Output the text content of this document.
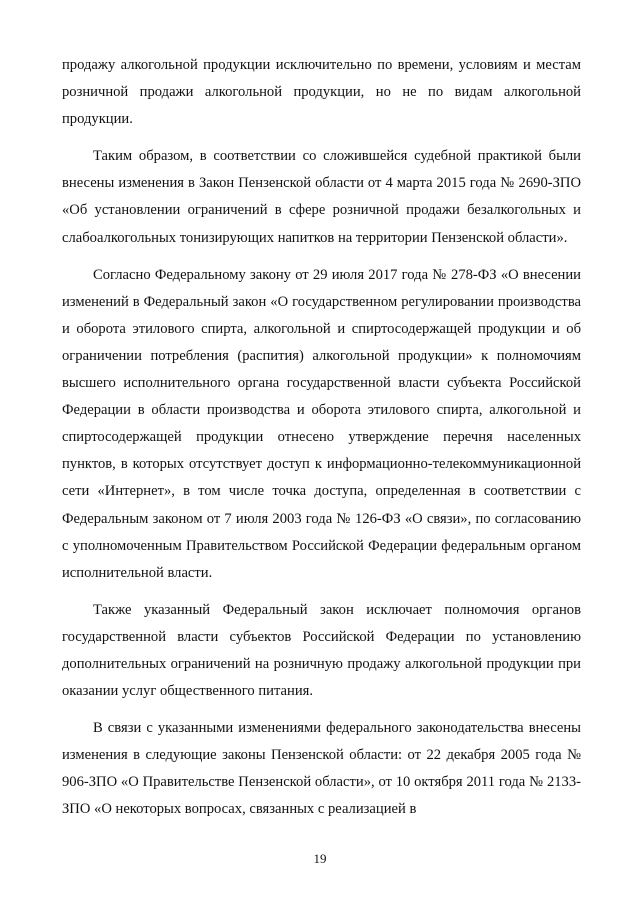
продажу алкогольной продукции исключительно по времени, условиям и местам розничной продажи алкогольной продукции, но не по видам алкогольной продукции.

Таким образом, в соответствии со сложившейся судебной практикой были внесены изменения в Закон Пензенской области от 4 марта 2015 года № 2690-ЗПО «Об установлении ограничений в сфере розничной продажи безалкогольных и слабоалкогольных тонизирующих напитков на территории Пензенской области».

Согласно Федеральному закону от 29 июля 2017 года № 278-ФЗ «О внесении изменений в Федеральный закон «О государственном регулировании производства и оборота этилового спирта, алкогольной и спиртосодержащей продукции и об ограничении потребления (распития) алкогольной продукции» к полномочиям высшего исполнительного органа государственной власти субъекта Российской Федерации в области производства и оборота этилового спирта, алкогольной и спиртосодержащей продукции отнесено утверждение перечня населенных пунктов, в которых отсутствует доступ к информационно-телекоммуникационной сети «Интернет», в том числе точка доступа, определенная в соответствии с Федеральным законом от 7 июля 2003 года № 126-ФЗ «О связи», по согласованию с уполномоченным Правительством Российской Федерации федеральным органом исполнительной власти.

Также указанный Федеральный закон исключает полномочия органов государственной власти субъектов Российской Федерации по установлению дополнительных ограничений на розничную продажу алкогольной продукции при оказании услуг общественного питания.

В связи с указанными изменениями федерального законодательства внесены изменения в следующие законы Пензенской области: от 22 декабря 2005 года № 906-ЗПО «О Правительстве Пензенской области», от 10 октября 2011 года № 2133-ЗПО «О некоторых вопросах, связанных с реализацией в

19
